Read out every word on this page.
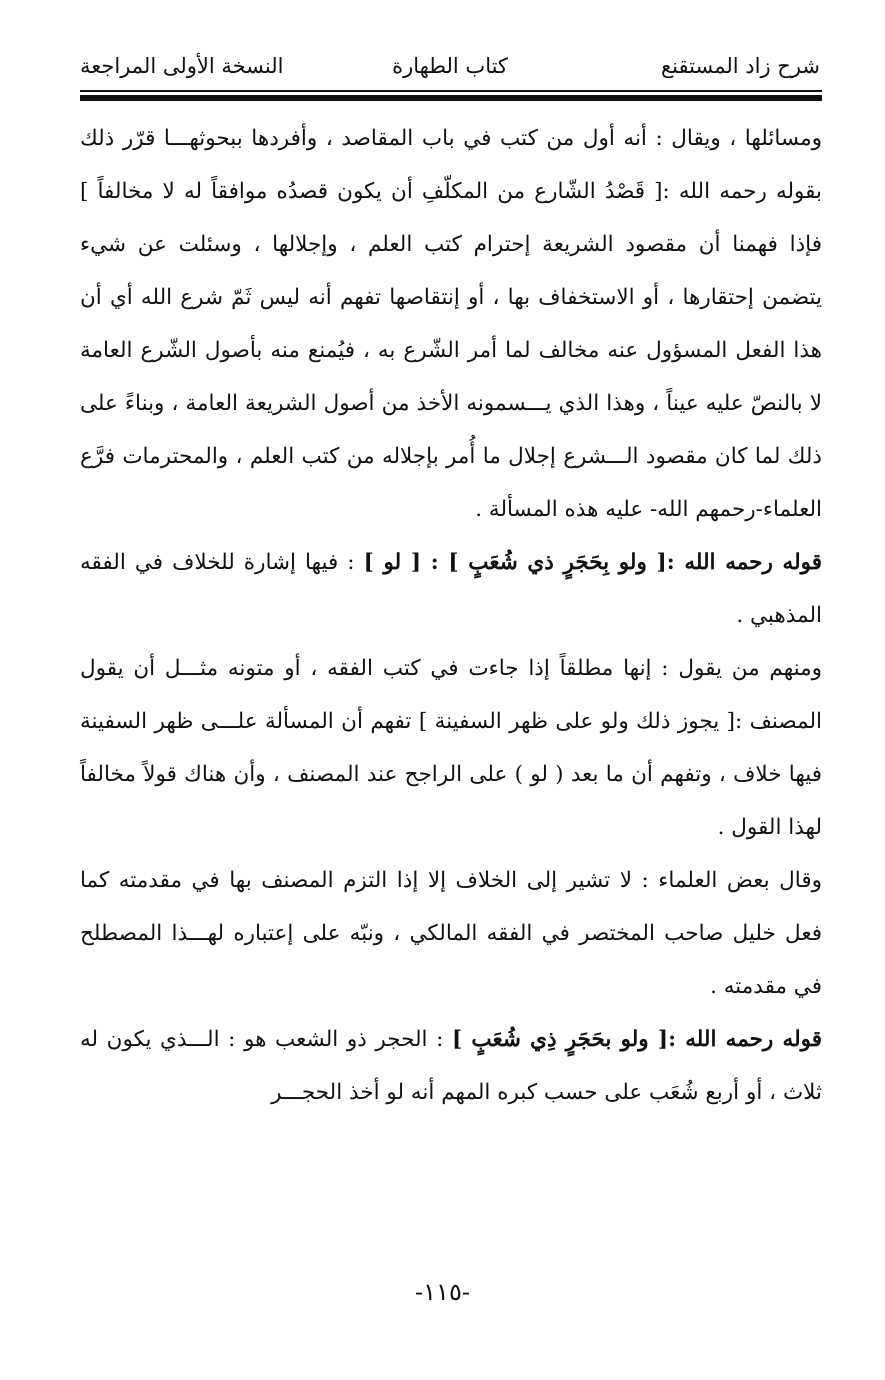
شرح زاد المستقنع
كتاب الطهارة
النسخة الأولى المراجعة

ومسائلها ، ويقال : أنه أول من كتب في باب المقاصد ، وأفردها ببحوثهـــا قرّر ذلك بقوله رحمه الله :[ قَصْدُ الشّارع من المكلّفِ أن يكون قصدُه موافقاً له لا مخالفاً ] فإذا فهمنا أن مقصود الشريعة إحترام كتب العلم ، وإجلالها ، وسئلت عن شيء يتضمن إحتقارها ، أو الاستخفاف بها ، أو إنتقاصها تفهم أنه ليس ثَمّ شرع الله أي أن هذا الفعل المسؤول عنه مخالف لما أمر الشّرع به ، فيُمنع منه بأصول الشّرع العامة لا بالنصّ عليه عيناً ، وهذا الذي يـــسمونه الأخذ من أصول الشريعة العامة ، وبناءً على ذلك لما كان مقصود الـــشرع إجلال ما أُمر بإجلاله من كتب العلم ، والمحترمات فرَّع العلماء-رحمهم الله- عليه هذه المسألة .

قوله رحمه الله :[ ولو بِحَجَرٍ ذي شُعَبٍ ] : [ لو ] : فيها إشارة للخلاف في الفقه المذهبي .

ومنهم من يقول : إنها مطلقاً إذا جاءت في كتب الفقه ، أو متونه مثـــل أن يقول المصنف :[ يجوز ذلك ولو على ظهر السفينة ] تفهم أن المسألة علـــى ظهر السفينة فيها خلاف ، وتفهم أن ما بعد ( لو ) على الراجح عند المصنف ، وأن هناك قولاً مخالفاً لهذا القول .

وقال بعض العلماء : لا تشير إلى الخلاف إلا إذا التزم المصنف بها في مقدمته كما فعل خليل صاحب المختصر في الفقه المالكي ، ونبّه على إعتباره لهـــذا المصطلح في مقدمته .

قوله رحمه الله :[ ولو بحَجَرٍ ذِي شُعَبٍ ] : الحجر ذو الشعب هو : الـــذي يكون له ثلاث ، أو أربع شُعَب على حسب كبره المهم أنه لو أخذ الحجـــر

-١١٥-
